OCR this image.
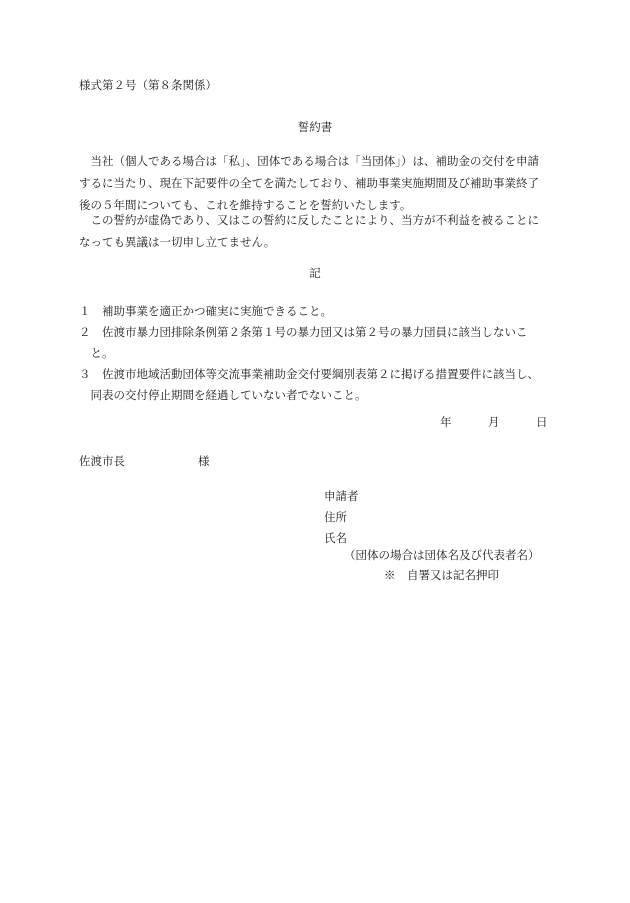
様式第２号（第８条関係）
誓約書
　当社（個人である場合は「私」、団体である場合は「当団体」）は、補助金の交付を申請
するに当たり、現在下記要件の全てを満たしており、補助事業実施期間及び補助事業終了
後の５年間についても、これを維持することを誓約いたします。
　この誓約が虚偽であり、又はこの誓約に反したことにより、当方が不利益を被ることに
なっても異議は一切申し立てません。
記
１　補助事業を適正かつ確実に実施できること。
２　佐渡市暴力団排除条例第２条第１号の暴力団又は第２号の暴力団員に該当しないこ
　と。
３　佐渡市地域活動団体等交流事業補助金交付要綱別表第２に掲げる措置要件に該当し、
　同表の交付停止期間を経過していない者でないこと。
年	月	日
佐渡市長	様
申請者
住所
氏名
（団体の場合は団体名及び代表者名）
※　自署又は記名押印
